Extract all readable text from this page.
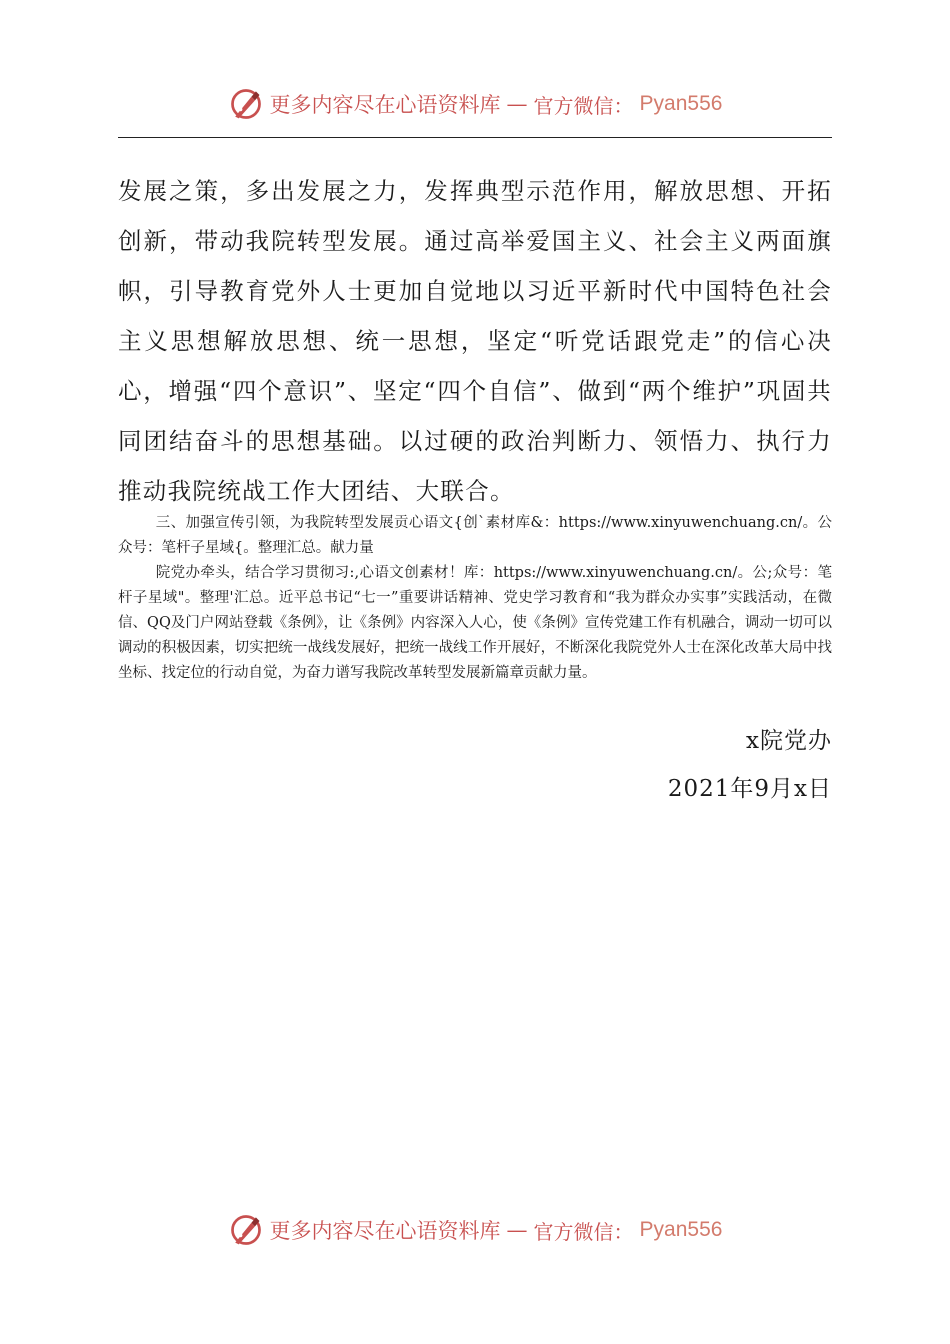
更多内容尽在心语资料库 — 官方微信： Pyan556

发展之策，多出发展之力，发挥典型示范作用，解放思想、开拓创新，带动我院转型发展。通过高举爱国主义、社会主义两面旗帜，引导教育党外人士更加自觉地以习近平新时代中国特色社会主义思想解放思想、统一思想，坚定“听党话跟党走”的信心决心，增强“四个意识”、坚定“四个自信”、做到“两个维护”巩固共同团结奋斗的思想基础。以过硬的政治判断力、领悟力、执行力推动我院统战工作大团结、大联合。

三、加强宣传引领，为我院转型发展贡心语文{创`素材库&：https://www.xinyuwenchuang.cn/。公众号：笔杆子星域{。整理汇总。献力量

院党办牵头，结合学习贯彻习:,心语文创素材！库：https://www.xinyuwenchuang.cn/。公;众号：笔杆子星域"。整理'汇总。近平总书记“七一”重要讲话精神、党史学习教育和“我为群众办实事”实践活动，在微信、QQ及门户网站登载《条例》，让《条例》内容深入人心，使《条例》宣传党建工作有机融合，调动一切可以调动的积极因素，切实把统一战线发展好，把统一战线工作开展好，不断深化我院党外人士在深化改革大局中找坐标、找定位的行动自觉，为奋力谱写我院改革转型发展新篇章贡献力量。

x院党办
2021年9月x日
更多内容尽在心语资料库 — 官方微信： Pyan556
